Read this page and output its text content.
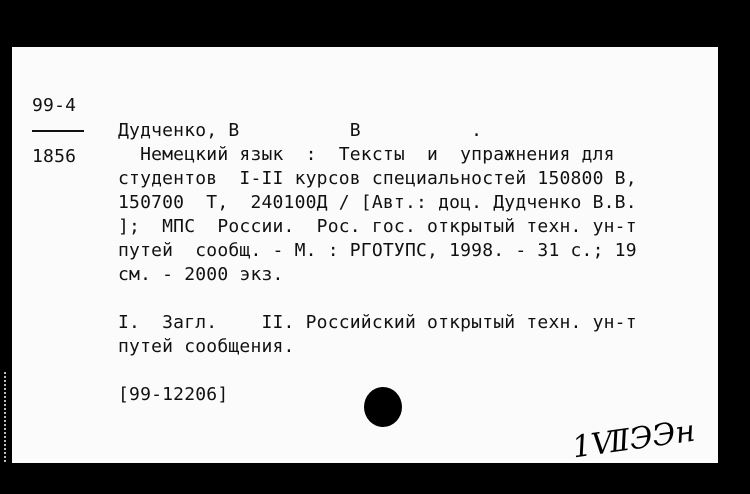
99-4
1856
Дудченко, В          В          .
Немецкий язык  :  Тексты  и  упражнения для
студентов  I-II курсов специальностей 150800 В,
150700  Т,  240100Д / [Авт.: доц. Дудченко В.В.
];  МПС  России.  Рос. гос. открытый техн. ун-т
путей  сообщ. - М. : РГОТУПС, 1998. - 31 с.; 19
см. - 2000 экз.
I.  Загл.    II. Российский открытый техн. ун-т
путей сообщения.
[99-12206]
1ⅦЭЭн
